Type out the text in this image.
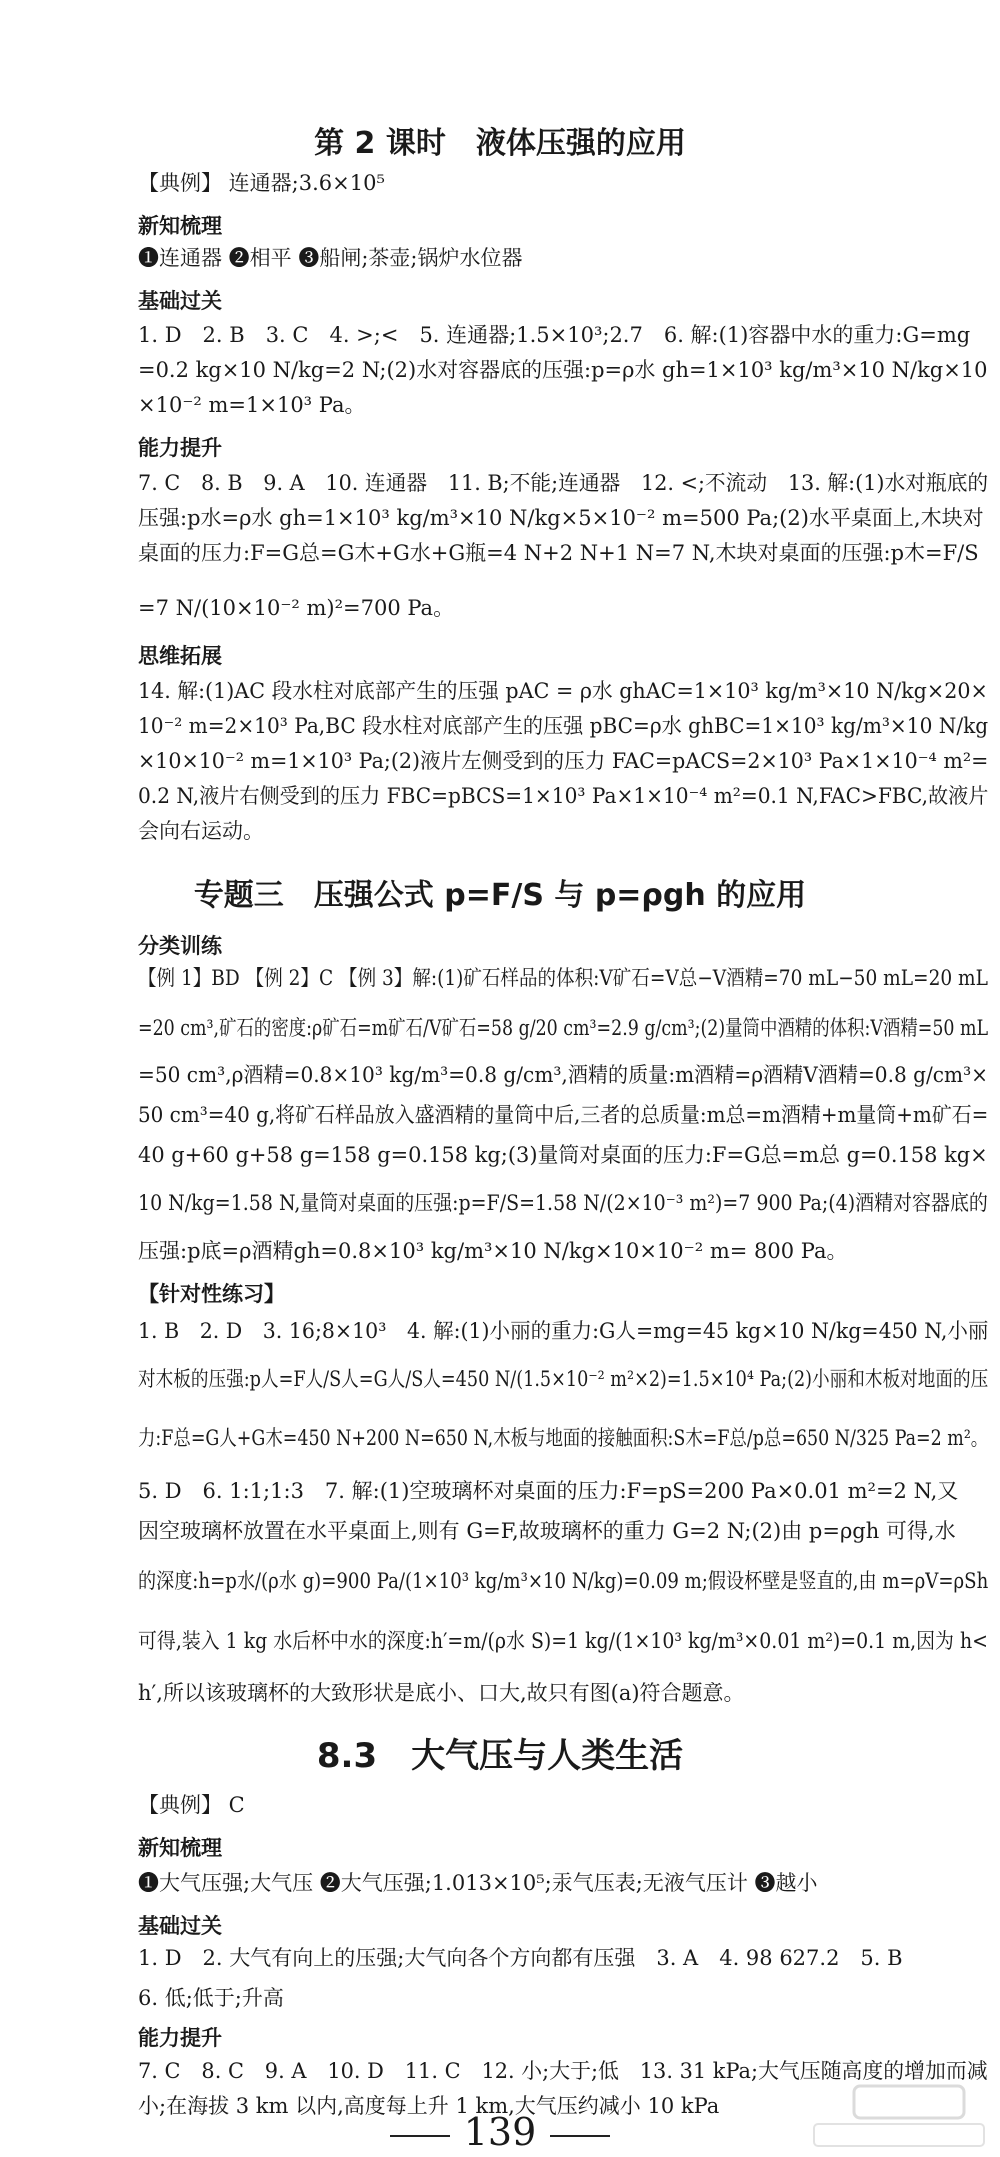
第 2 课时　液体压强的应用
【典例】 连通器;3.6×10⁵
新知梳理
❶连通器 ❷相平 ❸船闸;茶壶;锅炉水位器
基础过关
1. D　2. B　3. C　4. >;<　5. 连通器;1.5×10³;2.7　6. 解:(1)容器中水的重力:G=mg
=0.2 kg×10 N/kg=2 N;(2)水对容器底的压强:p=ρ水 gh=1×10³ kg/m³×10 N/kg×10
×10⁻² m=1×10³ Pa。
能力提升
7. C　8. B　9. A　10. 连通器　11. B;不能;连通器　12. <;不流动　13. 解:(1)水对瓶底的
压强:p水=ρ水 gh=1×10³ kg/m³×10 N/kg×5×10⁻² m=500 Pa;(2)水平桌面上,木块对
桌面的压力:F=G总=G木+G水+G瓶=4 N+2 N+1 N=7 N,木块对桌面的压强:p木=F/S
=7 N/(10×10⁻² m)²=700 Pa。
思维拓展
14. 解:(1)AC 段水柱对底部产生的压强 pAC = ρ水 ghAC=1×10³ kg/m³×10 N/kg×20×
10⁻² m=2×10³ Pa,BC 段水柱对底部产生的压强 pBC=ρ水 ghBC=1×10³ kg/m³×10 N/kg
×10×10⁻² m=1×10³ Pa;(2)液片左侧受到的压力 FAC=pACS=2×10³ Pa×1×10⁻⁴ m²=
0.2 N,液片右侧受到的压力 FBC=pBCS=1×10³ Pa×1×10⁻⁴ m²=0.1 N,FAC>FBC,故液片
会向右运动。
专题三　压强公式 p=F/S 与 p=ρgh 的应用
分类训练
【例 1】BD 【例 2】C 【例 3】解:(1)矿石样品的体积:V矿石=V总−V酒精=70 mL−50 mL=20 mL
=20 cm³,矿石的密度:ρ矿石=m矿石/V矿石=58 g/20 cm³=2.9 g/cm³;(2)量筒中酒精的体积:V酒精=50 mL
=50 cm³,ρ酒精=0.8×10³ kg/m³=0.8 g/cm³,酒精的质量:m酒精=ρ酒精V酒精=0.8 g/cm³×
50 cm³=40 g,将矿石样品放入盛酒精的量筒中后,三者的总质量:m总=m酒精+m量筒+m矿石=
40 g+60 g+58 g=158 g=0.158 kg;(3)量筒对桌面的压力:F=G总=m总 g=0.158 kg×
10 N/kg=1.58 N,量筒对桌面的压强:p=F/S=1.58 N/(2×10⁻³ m²)=7 900 Pa;(4)酒精对容器底的
压强:p底=ρ酒精gh=0.8×10³ kg/m³×10 N/kg×10×10⁻² m= 800 Pa。
【针对性练习】
1. B　2. D　3. 16;8×10³　4. 解:(1)小丽的重力:G人=mg=45 kg×10 N/kg=450 N,小丽
对木板的压强:p人=F人/S人=G人/S人=450 N/(1.5×10⁻² m²×2)=1.5×10⁴ Pa;(2)小丽和木板对地面的压
力:F总=G人+G木=450 N+200 N=650 N,木板与地面的接触面积:S木=F总/p总=650 N/325 Pa=2 m²。
5. D　6. 1:1;1:3　7. 解:(1)空玻璃杯对桌面的压力:F=pS=200 Pa×0.01 m²=2 N,又
因空玻璃杯放置在水平桌面上,则有 G=F,故玻璃杯的重力 G=2 N;(2)由 p=ρgh 可得,水
的深度:h=p水/(ρ水 g)=900 Pa/(1×10³ kg/m³×10 N/kg)=0.09 m;假设杯壁是竖直的,由 m=ρV=ρSh
可得,装入 1 kg 水后杯中水的深度:h′=m/(ρ水 S)=1 kg/(1×10³ kg/m³×0.01 m²)=0.1 m,因为 h<
h′,所以该玻璃杯的大致形状是底小、口大,故只有图(a)符合题意。
8.3　大气压与人类生活
【典例】 C
新知梳理
❶大气压强;大气压 ❷大气压强;1.013×10⁵;汞气压表;无液气压计 ❸越小
基础过关
1. D　2. 大气有向上的压强;大气向各个方向都有压强　3. A　4. 98 627.2　5. B
6. 低;低于;升高
能力提升
7. C　8. C　9. A　10. D　11. C　12. 小;大于;低　13. 31 kPa;大气压随高度的增加而减
小;在海拔 3 km 以内,高度每上升 1 km,大气压约减小 10 kPa
139
